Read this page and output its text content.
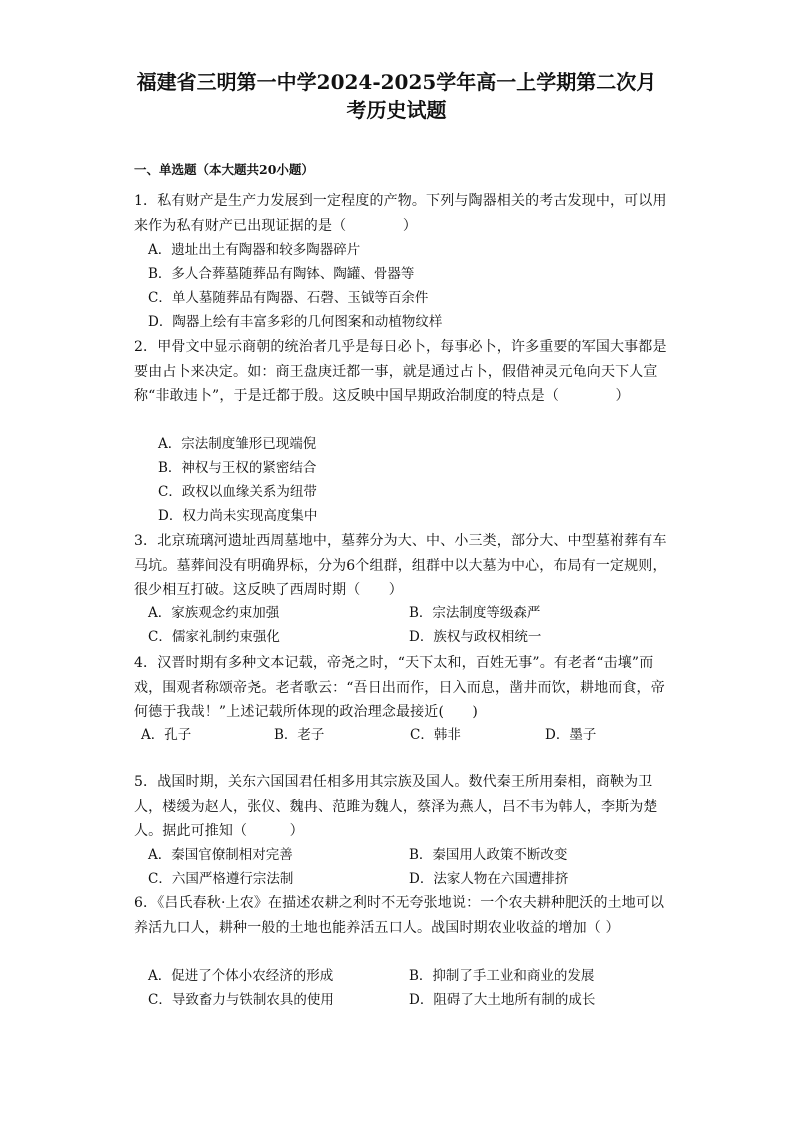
福建省三明第一中学2024-2025学年高一上学期第二次月
考历史试题
一、单选题（本大题共20小题）
1．私有财产是生产力发展到一定程度的产物。下列与陶器相关的考古发现中，可以用来作为私有财产已出现证据的是（　　　　）
A．遗址出土有陶器和较多陶器碎片
B．多人合葬墓随葬品有陶钵、陶罐、骨器等
C．单人墓随葬品有陶器、石磬、玉钺等百余件
D．陶器上绘有丰富多彩的几何图案和动植物纹样
2．甲骨文中显示商朝的统治者几乎是每日必卜，每事必卜，许多重要的军国大事都是要由占卜来决定。如：商王盘庚迁都一事，就是通过占卜，假借神灵元龟向天下人宣称“非敢违卜”，于是迁都于殷。这反映中国早期政治制度的特点是（　　　　）
A．宗法制度雏形已现端倪
B．神权与王权的紧密结合
C．政权以血缘关系为纽带
D．权力尚未实现高度集中
3．北京琉璃河遗址西周墓地中，墓葬分为大、中、小三类，部分大、中型墓祔葬有车马坑。墓葬间没有明确界标，分为6个组群，组群中以大墓为中心，布局有一定规则，很少相互打破。这反映了西周时期（　　）
A．家族观念约束加强	B．宗法制度等级森严
C．儒家礼制约束强化	D．族权与政权相统一
4．汉晋时期有多种文本记载，帝尧之时，“天下太和，百姓无事”。有老者“击壤”而戏，围观者称颂帝尧。老者歌云：“吾日出而作，日入而息，凿井而饮，耕地而食，帝何德于我哉！”上述记载所体现的政治理念最接近(　　)
A．孔子	B．老子	C．韩非	D．墨子
5．战国时期，关东六国国君任相多用其宗族及国人。数代秦王所用秦相，商鞅为卫人，楼缓为赵人，张仪、魏冉、范雎为魏人，蔡泽为燕人，吕不韦为韩人，李斯为楚人。据此可推知（　　　）
A．秦国官僚制相对完善	B．秦国用人政策不断改变
C．六国严格遵行宗法制	D．法家人物在六国遭排挤
6．《吕氏春秋·上农》在描述农耕之利时不无夸张地说：一个农夫耕种肥沃的土地可以养活九口人，耕种一般的土地也能养活五口人。战国时期农业收益的增加（ ）
A．促进了个体小农经济的形成	B．抑制了手工业和商业的发展
C．导致畜力与铁制农具的使用	D．阻碍了大土地所有制的成长
